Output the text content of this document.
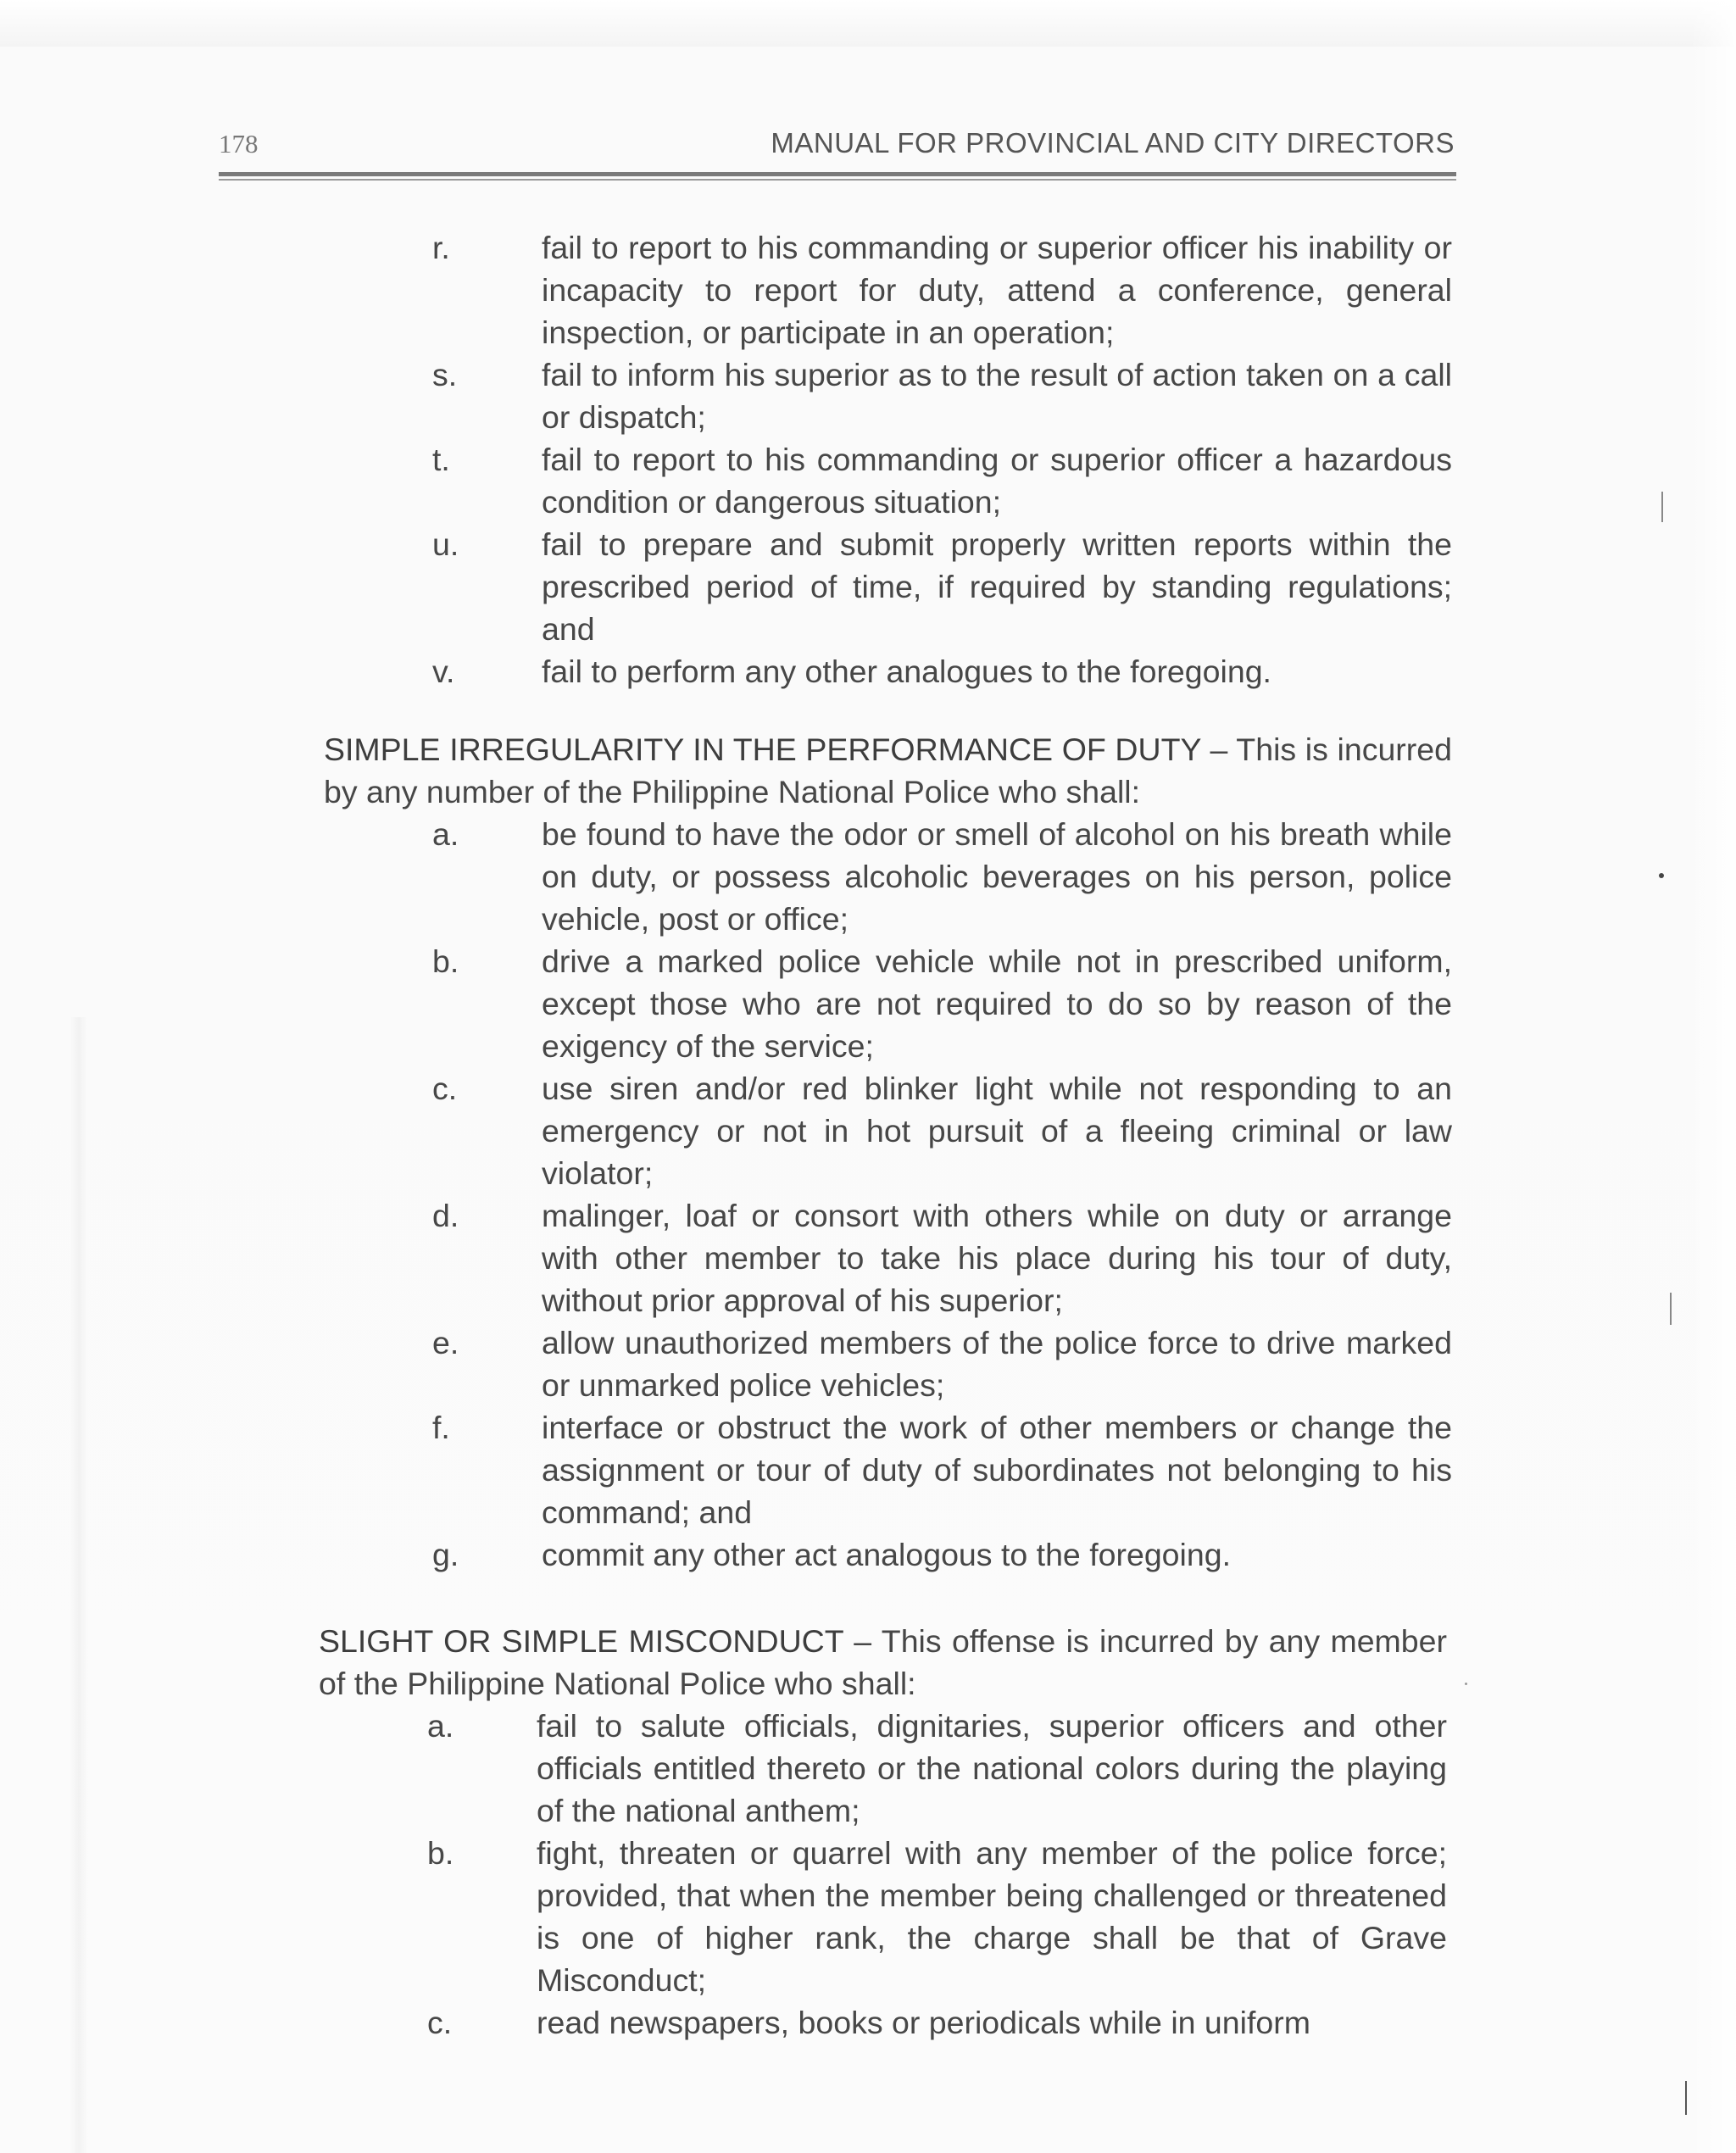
178	MANUAL FOR PROVINCIAL AND CITY DIRECTORS
r.	fail to report to his commanding or superior officer his inability or incapacity to report for duty, attend a conference, general inspection, or participate in an operation;

s.	fail to inform his superior as to the result of action taken on a call or dispatch;

t.	fail to report to his commanding or superior officer a hazardous condition or dangerous situation;

u.	fail to prepare and submit properly written reports within the prescribed period of time, if required by standing regulations; and

v.	fail to perform any other analogues to the foregoing.

SIMPLE IRREGULARITY IN THE PERFORMANCE OF DUTY – This is incurred by any number of the Philippine National Police who shall:

a.	be found to have the odor or smell of alcohol on his breath while on duty, or possess alcoholic beverages on his person, police vehicle, post or office;

b.	drive a marked police vehicle while not in prescribed uniform, except those who are not required to do so by reason of the exigency of the service;

c.	use siren and/or red blinker light while not responding to an emergency or not in hot pursuit of a fleeing criminal or law violator;

d.	malinger, loaf or consort with others while on duty or arrange with other member to take his place during his tour of duty, without prior approval of his superior;

e.	allow unauthorized members of the police force to drive marked or unmarked police vehicles;

f.	interface or obstruct the work of other members or change the assignment or tour of duty of subordinates not belonging to his command; and

g.	commit any other act analogous to the foregoing.

SLIGHT OR SIMPLE MISCONDUCT – This offense is incurred by any member of the Philippine National Police who shall:

a.	fail to salute officials, dignitaries, superior officers and other officials entitled thereto or the national colors during the playing of the national anthem;

b.	fight, threaten or quarrel with any member of the police force; provided, that when the member being challenged or threatened is one of higher rank, the charge shall be that of Grave Misconduct;

c.	read newspapers, books or periodicals while in uniform
